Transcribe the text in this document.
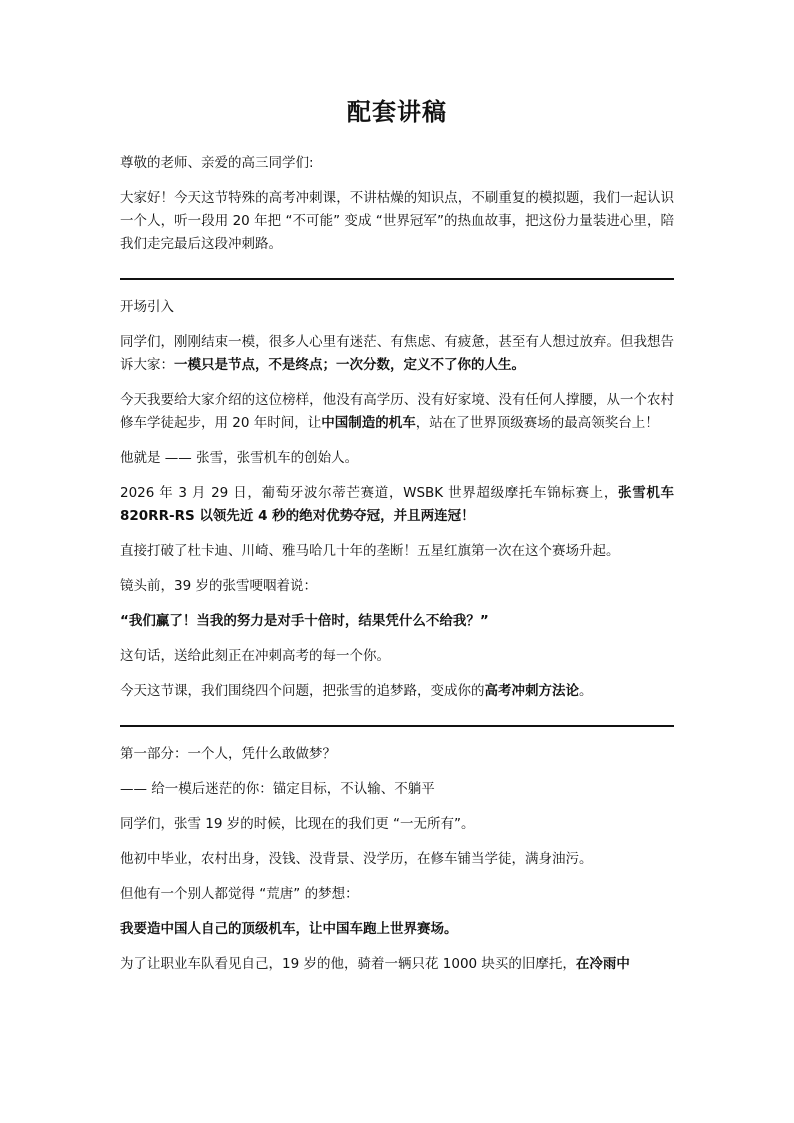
配套讲稿

尊敬的老师、亲爱的高三同学们:

大家好！今天这节特殊的高考冲刺课，不讲枯燥的知识点，不刷重复的模拟题，我们一起认识一个人，听一段用 20 年把 “不可能” 变成 “世界冠军”的热血故事，把这份力量装进心里，陪我们走完最后这段冲刺路。

开场引入

同学们，刚刚结束一模，很多人心里有迷茫、有焦虑、有疲惫，甚至有人想过放弃。但我想告诉大家：一模只是节点，不是终点；一次分数，定义不了你的人生。

今天我要给大家介绍的这位榜样，他没有高学历、没有好家境、没有任何人撑腰，从一个农村修车学徒起步，用 20 年时间，让中国制造的机车，站在了世界顶级赛场的最高领奖台上！

他就是 —— 张雪，张雪机车的创始人。

2026 年 3 月 29 日，葡萄牙波尔蒂芒赛道，WSBK 世界超级摩托车锦标赛上，张雪机车 820RR-RS 以领先近 4 秒的绝对优势夺冠，并且两连冠！

直接打破了杜卡迪、川崎、雅马哈几十年的垄断！五星红旗第一次在这个赛场升起。

镜头前，39 岁的张雪哽咽着说：

“我们赢了！当我的努力是对手十倍时，结果凭什么不给我？”

这句话，送给此刻正在冲刺高考的每一个你。

今天这节课，我们围绕四个问题，把张雪的追梦路，变成你的高考冲刺方法论。

第一部分：一个人，凭什么敢做梦？

—— 给一模后迷茫的你：锚定目标，不认输、不躺平

同学们，张雪 19 岁的时候，比现在的我们更 “一无所有”。

他初中毕业，农村出身，没钱、没背景、没学历，在修车铺当学徒，满身油污。

但他有一个别人都觉得 “荒唐” 的梦想：

我要造中国人自己的顶级机车，让中国车跑上世界赛场。

为了让职业车队看见自己，19 岁的他，骑着一辆只花 1000 块买的旧摩托，在冷雨中
